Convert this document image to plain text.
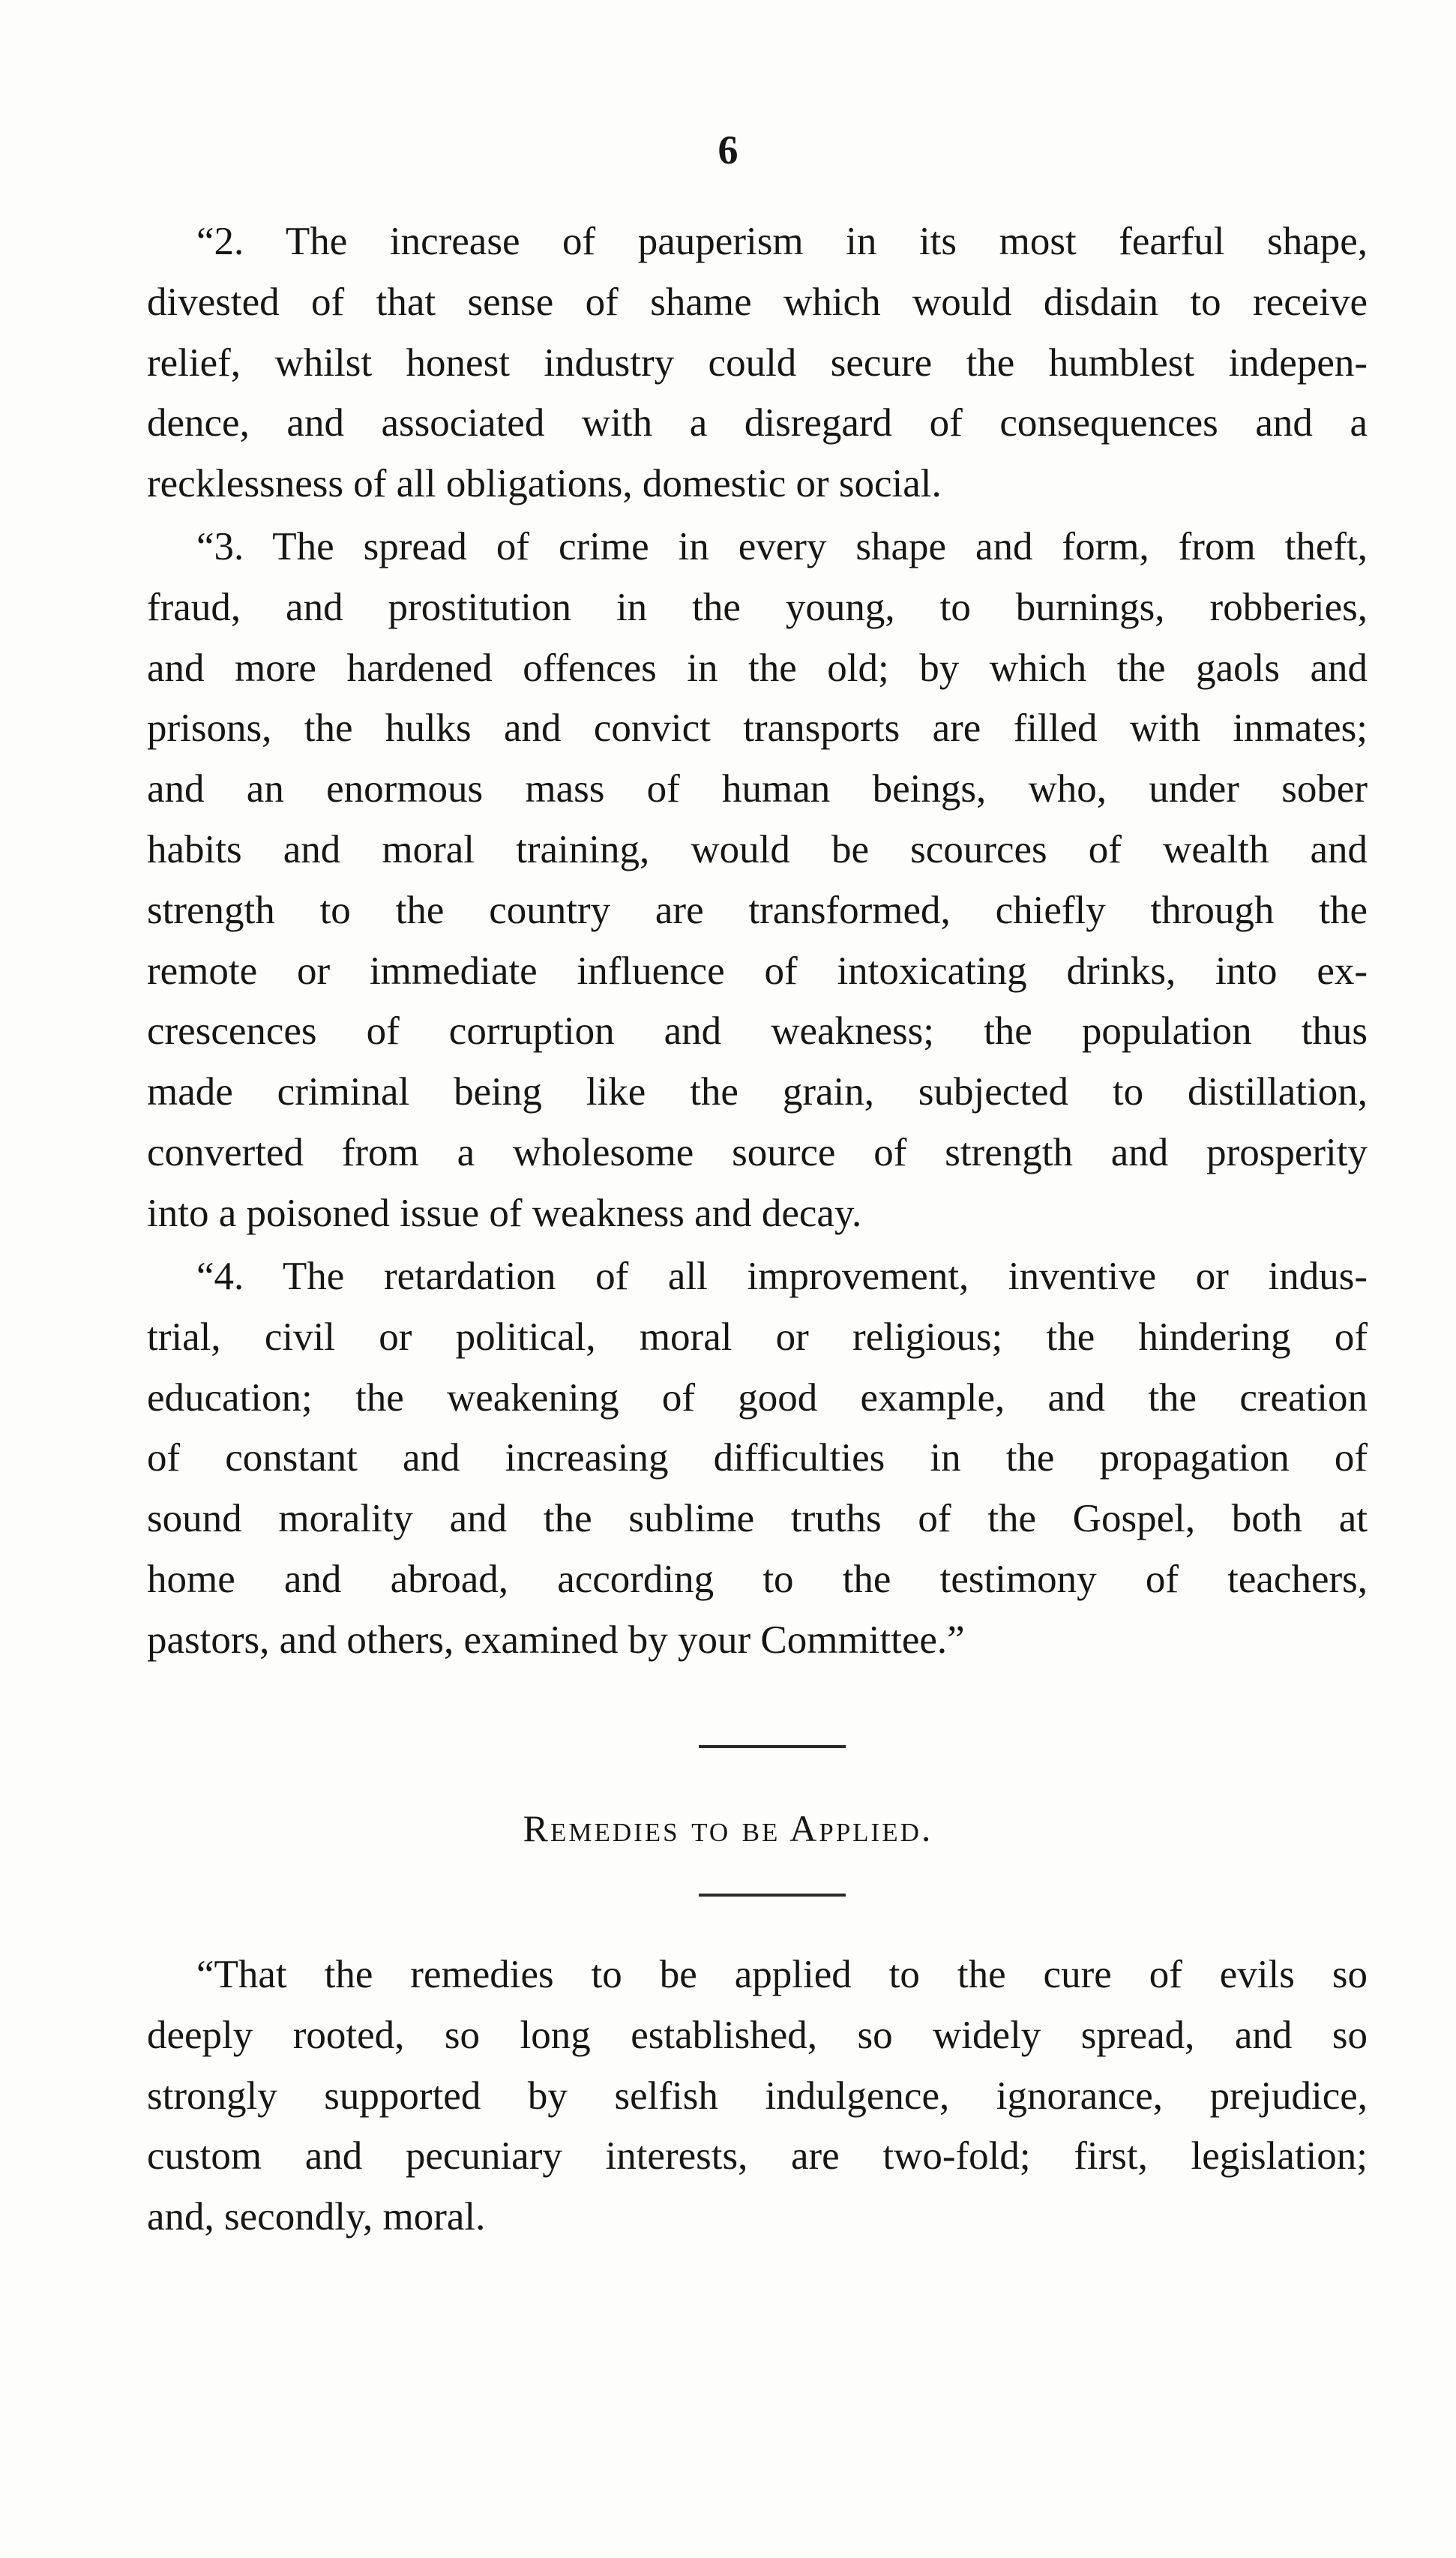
6
“2. The increase of pauperism in its most fearful shape,
divested of that sense of shame which would disdain to receive
relief, whilst honest industry could secure the humblest indepen-
dence, and associated with a disregard of consequences and a
recklessness of all obligations, domestic or social.
“3. The spread of crime in every shape and form, from theft,
fraud, and prostitution in the young, to burnings, robberies,
and more hardened offences in the old; by which the gaols and
prisons, the hulks and convict transports are filled with inmates;
and an enormous mass of human beings, who, under sober
habits and moral training, would be scources of wealth and
strength to the country are transformed, chiefly through the
remote or immediate influence of intoxicating drinks, into ex-
crescences of corruption and weakness; the population thus
made criminal being like the grain, subjected to distillation,
converted from a wholesome source of strength and prosperity
into a poisoned issue of weakness and decay.
“4. The retardation of all improvement, inventive or indus-
trial, civil or political, moral or religious; the hindering of
education; the weakening of good example, and the creation
of constant and increasing difficulties in the propagation of
sound morality and the sublime truths of the Gospel, both at
home and abroad, according to the testimony of teachers,
pastors, and others, examined by your Committee.”
Remedies to be Applied.
“That the remedies to be applied to the cure of evils so
deeply rooted, so long established, so widely spread, and so
strongly supported by selfish indulgence, ignorance, prejudice,
custom and pecuniary interests, are two-fold; first, legislation;
and, secondly, moral.
